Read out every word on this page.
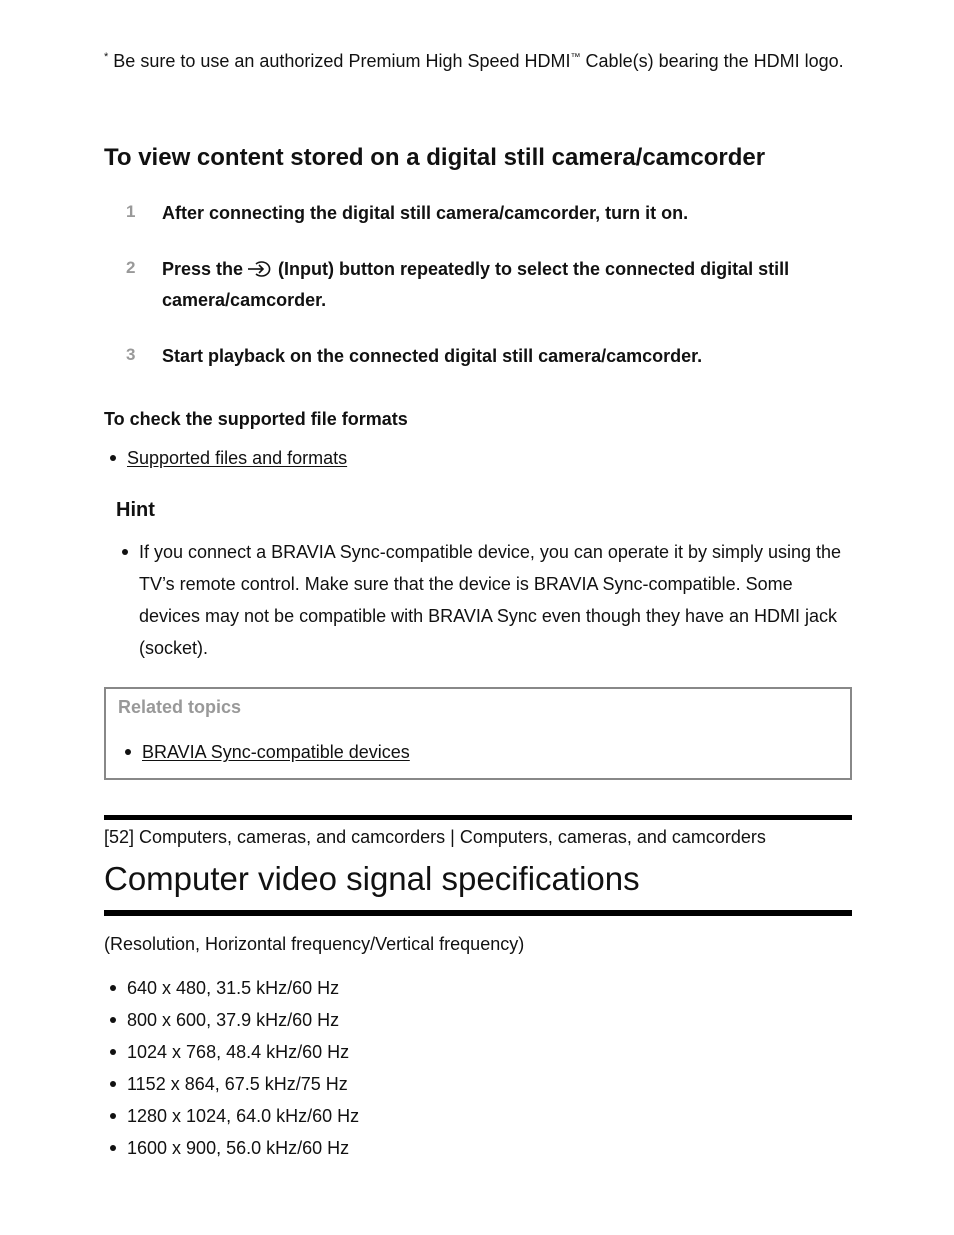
* Be sure to use an authorized Premium High Speed HDMI™ Cable(s) bearing the HDMI logo.

To view content stored on a digital still camera/camcorder
1 After connecting the digital still camera/camcorder, turn it on.
2 Press the (Input) button repeatedly to select the connected digital still camera/camcorder.
3 Start playback on the connected digital still camera/camcorder.
To check the supported file formats
Supported files and formats
Hint
If you connect a BRAVIA Sync-compatible device, you can operate it by simply using the TV’s remote control. Make sure that the device is BRAVIA Sync-compatible. Some devices may not be compatible with BRAVIA Sync even though they have an HDMI jack (socket).

Related topics

BRAVIA Sync-compatible devices

[52] Computers, cameras, and camcorders | Computers, cameras, and camcorders

Computer video signal specifications

(Resolution, Horizontal frequency/Vertical frequency)

640 x 480, 31.5 kHz/60 Hz
800 x 600, 37.9 kHz/60 Hz
1024 x 768, 48.4 kHz/60 Hz
1152 x 864, 67.5 kHz/75 Hz
1280 x 1024, 64.0 kHz/60 Hz
1600 x 900, 56.0 kHz/60 Hz
